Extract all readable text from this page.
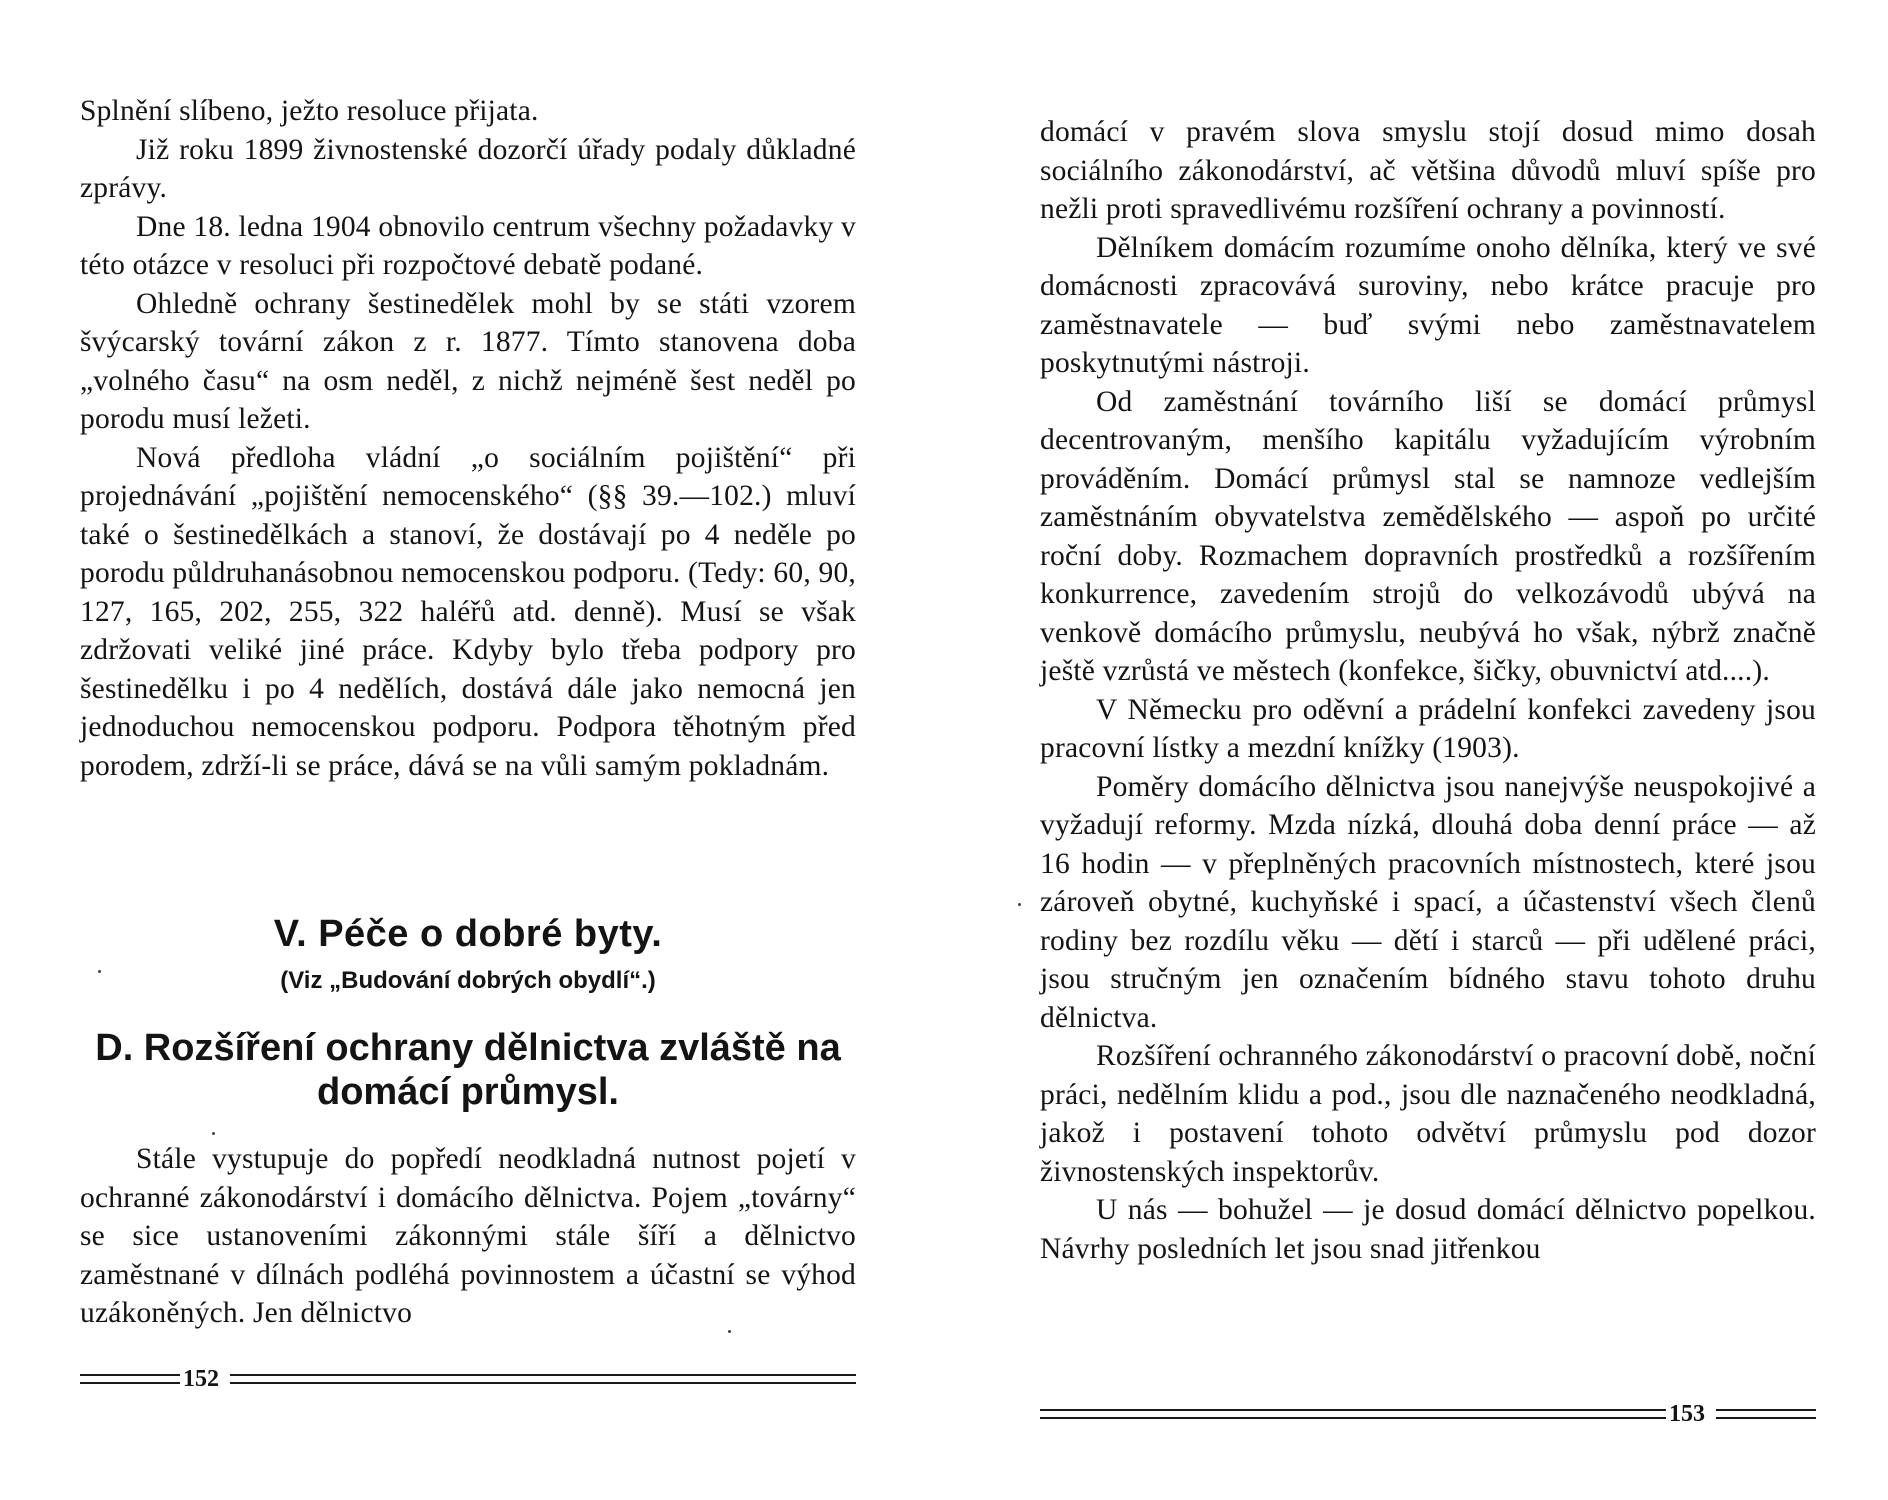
Splnění slíbeno, ježto resoluce přijata.

Již roku 1899 živnostenské dozorčí úřady podaly důkladné zprávy.

Dne 18. ledna 1904 obnovilo centrum všechny požadavky v této otázce v resoluci při rozpočtové debatě podané.

Ohledně ochrany šestinedělek mohl by se státi vzorem švýcarský tovární zákon z r. 1877. Tímto stanovena doba „volného času“ na osm neděl, z nichž nejméně šest neděl po porodu musí ležeti.

Nová předloha vládní „o sociálním pojištění“ při projednávání „pojištění nemocenského“ (§§ 39.—102.) mluví také o šestinedělkách a stanoví, že dostávají po 4 neděle po porodu půldruhanásobnou nemocenskou podporu. (Tedy: 60, 90, 127, 165, 202, 255, 322 haléřů atd. denně). Musí se však zdržovati veliké jiné práce. Kdyby bylo třeba podpory pro šestinedělku i po 4 nedělích, dostává dále jako nemocná jen jednoduchou nemocenskou podporu. Podpora těhotným před porodem, zdrží-li se práce, dává se na vůli samým pokladnám.

V. Péče o dobré byty.

(Viz „Budování dobrých obydlí“.)

D. Rozšíření ochrany dělnictva zvláště na domácí průmysl.

Stále vystupuje do popředí neodkladná nutnost pojetí v ochranné zákonodárství i domácího dělnictva. Pojem „továrny“ se sice ustanoveními zákonnými stále šíří a dělnictvo zaměstnané v dílnách podléhá povinnostem a účastní se výhod uzákoněných. Jen dělnictvo

152

domácí v pravém slova smyslu stojí dosud mimo dosah sociálního zákonodárství, ač většina důvodů mluví spíše pro nežli proti spravedlivému rozšíření ochrany a povinností.

Dělníkem domácím rozumíme onoho dělníka, který ve své domácnosti zpracovává suroviny, nebo krátce pracuje pro zaměstnavatele — buď svými nebo zaměstnavatelem poskytnutými nástroji.

Od zaměstnání továrního liší se domácí průmysl decentrovaným, menšího kapitálu vyžadujícím výrobním prováděním. Domácí průmysl stal se namnoze vedlejším zaměstnáním obyvatelstva zemědělského — aspoň po určité roční doby. Rozmachem dopravních prostředků a rozšířením konkurrence, zavedením strojů do velkozávodů ubývá na venkově domácího průmyslu, neubývá ho však, nýbrž značně ještě vzrůstá ve městech (konfekce, šičky, obuvnictví atd....).

V Německu pro oděvní a prádelní konfekci zavedeny jsou pracovní lístky a mezdní knížky (1903).

Poměry domácího dělnictva jsou nanejvýše neuspokojivé a vyžadují reformy. Mzda nízká, dlouhá doba denní práce — až 16 hodin — v přeplněných pracovních místnostech, které jsou zároveň obytné, kuchyňské i spací, a účastenství všech členů rodiny bez rozdílu věku — dětí i starců — při udělené práci, jsou stručným jen označením bídného stavu tohoto druhu dělnictva.

Rozšíření ochranného zákonodárství o pracovní době, noční práci, nedělním klidu a pod., jsou dle naznačeného neodkladná, jakož i postavení tohoto odvětví průmyslu pod dozor živnostenských inspektorův.

U nás — bohužel — je dosud domácí dělnictvo popelkou. Návrhy posledních let jsou snad jitřenkou

153
